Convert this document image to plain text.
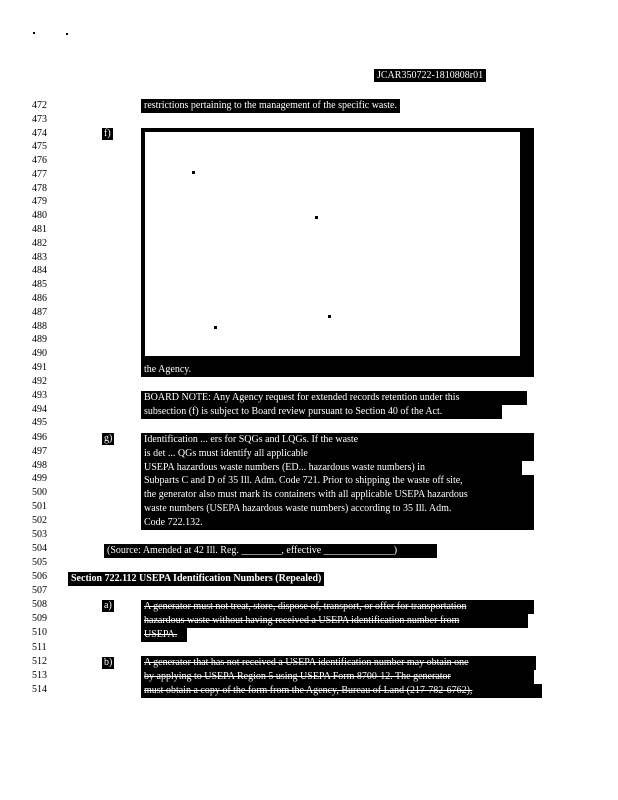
JCAR350722-1810808r01
472
473
474
475
476
477
478
479
480
481
482
483
484
485
486
487
488
489
490
491
492
493
494
495
496
497
498
499
500
501
502
503
504
505
506
507
508
509
510
511
512
513
514
restrictions pertaining to the management of the specific waste.
f)
the Agency.
BOARD NOTE: Any Agency request for extended records retention under this
subsection (f) is subject to Board review pursuant to Section 40 of the Act.
g)	Identification ... ers for SQGs and LQGs. If the waste
is det ... QGs must identify all applicable
USEPA hazardous waste numbers (ED... hazardous waste numbers) in
Subparts C and D of 35 Ill. Adm. Code 721. Prior to shipping the waste off site,
the generator also must mark its containers with all applicable USEPA hazardous
waste numbers (USEPA hazardous waste numbers) according to 35 Ill. Adm.
Code 722.132.
(Source: Amended at 42 Ill. Reg. ________, effective ______________)
Section 722.112 USEPA Identification Numbers (Repealed)
a)	A generator must not treat, store, dispose of, transport, or offer for transportation
hazardous waste without having received a USEPA identification number from
USEPA.
b)	A generator that has not received a USEPA identification number may obtain one
by applying to USEPA Region 5 using USEPA Form 8700-12. The generator
must obtain a copy of the form from the Agency, Bureau of Land (217-782-6762),
